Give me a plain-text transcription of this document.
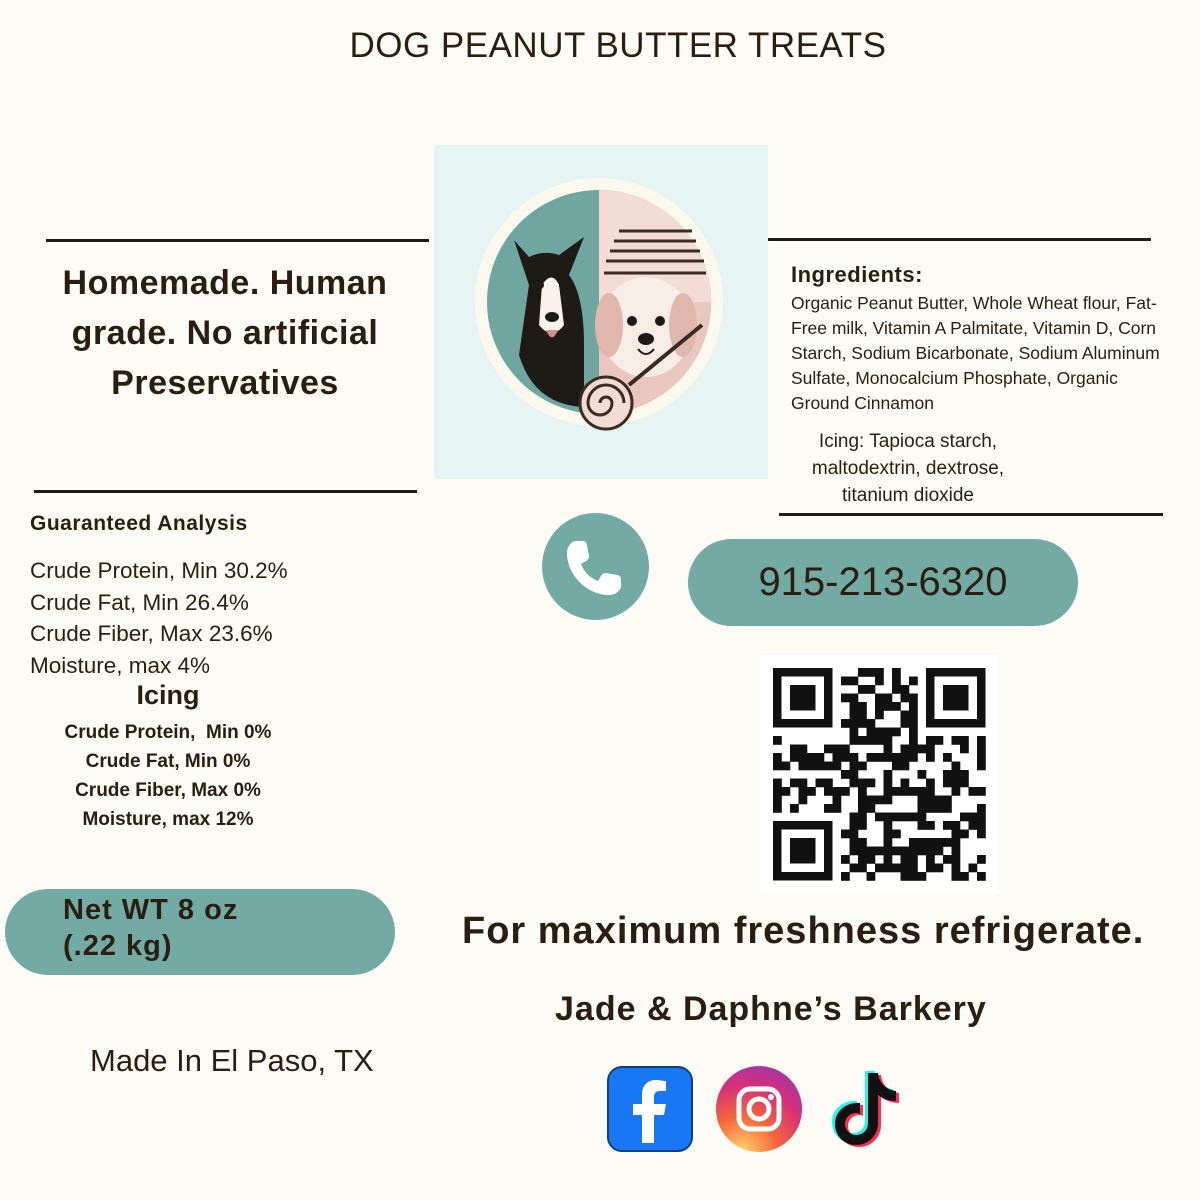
DOG PEANUT BUTTER TREATS
Homemade. Human grade. No artificial Preservatives
Ingredients:
Organic Peanut Butter, Whole Wheat flour, Fat-Free milk, Vitamin A Palmitate, Vitamin D, Corn Starch, Sodium Bicarbonate, Sodium Aluminum Sulfate, Monocalcium Phosphate, Organic Ground Cinnamon
Icing: Tapioca starch, maltodextrin, dextrose, titanium dioxide
Guaranteed Analysis
Crude Protein, Min 30.2%
Crude Fat, Min 26.4%
Crude Fiber, Max 23.6%
Moisture, max 4%
Icing
Crude Protein,  Min 0%
Crude Fat, Min 0%
Crude Fiber, Max 0%
Moisture, max 12%
Net WT 8 oz
(.22 kg)
Made In El Paso, TX
915-213-6320
For maximum freshness refrigerate.
Jade & Daphne’s Barkery
